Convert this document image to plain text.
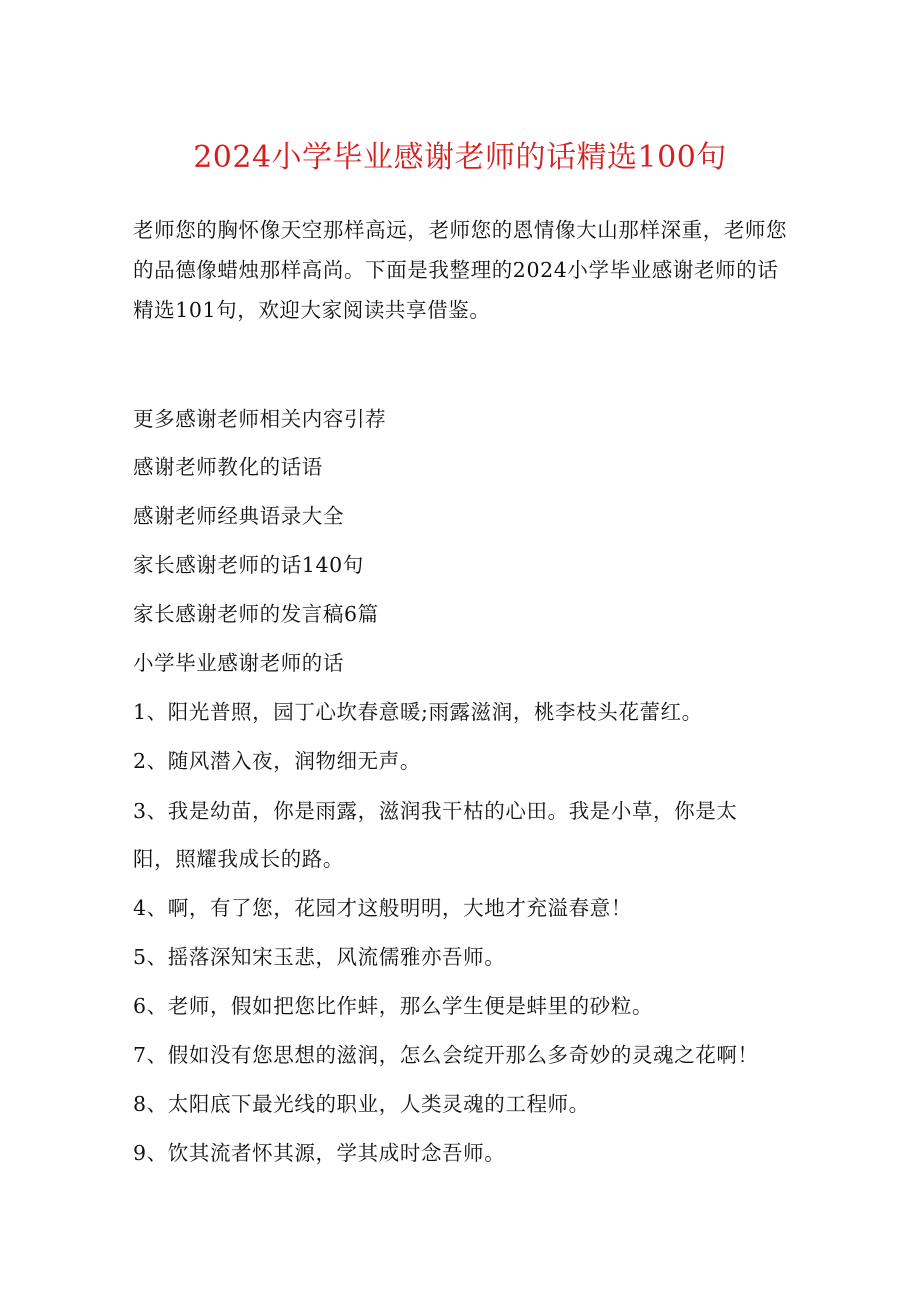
2024小学毕业感谢老师的话精选100句
老师您的胸怀像天空那样高远，老师您的恩情像大山那样深重，老师您的品德像蜡烛那样高尚。下面是我整理的2024小学毕业感谢老师的话精选101句，欢迎大家阅读共享借鉴。
更多感谢老师相关内容引荐
感谢老师教化的话语
感谢老师经典语录大全
家长感谢老师的话140句
家长感谢老师的发言稿6篇
小学毕业感谢老师的话
1、阳光普照，园丁心坎春意暖;雨露滋润，桃李枝头花蕾红。
2、随风潜入夜，润物细无声。
3、我是幼苗，你是雨露，滋润我干枯的心田。我是小草，你是太阳，照耀我成长的路。
4、啊，有了您，花园才这般明明，大地才充溢春意！
5、摇落深知宋玉悲，风流儒雅亦吾师。
6、老师，假如把您比作蚌，那么学生便是蚌里的砂粒。
7、假如没有您思想的滋润，怎么会绽开那么多奇妙的灵魂之花啊！
8、太阳底下最光线的职业，人类灵魂的工程师。
9、饮其流者怀其源，学其成时念吾师。
